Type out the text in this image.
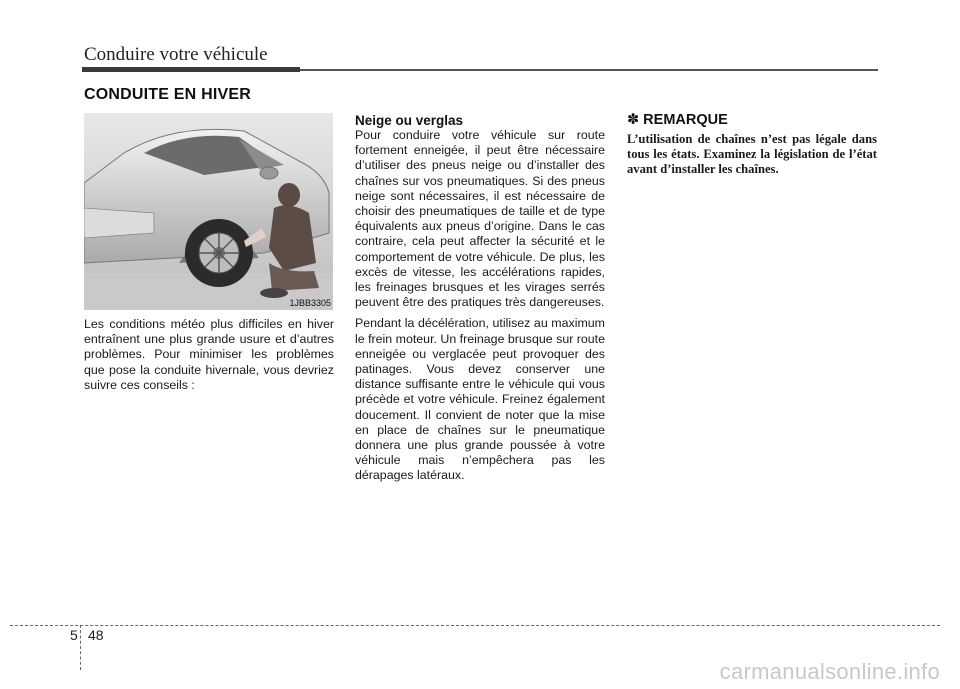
Conduire votre véhicule
CONDUITE EN HIVER
1JBB3305

Les conditions météo plus difficiles en hiver entraînent une plus grande usure et d’autres problèmes. Pour minimiser les problèmes que pose la conduite hivernale, vous devriez suivre ces conseils :

Neige ou verglas

Pour conduire votre véhicule sur route fortement enneigée, il peut être nécessaire d’utiliser des pneus neige ou d’installer des chaînes sur vos pneumatiques. Si des pneus neige sont nécessaires, il est nécessaire de choisir des pneumatiques de taille et de type équivalents aux pneus d’origine. Dans le cas contraire, cela peut affecter la sécurité et le comportement de votre véhicule. De plus, les excès de vitesse, les accélérations rapides, les freinages brusques et les virages serrés peuvent être des pratiques très dangereuses.

Pendant la décélération, utilisez au maximum le frein moteur. Un freinage brusque sur route enneigée ou verglacée peut provoquer des patinages. Vous devez conserver une distance suffisante entre le véhicule qui vous précède et votre véhicule. Freinez également doucement. Il convient de noter que la mise en place de chaînes sur le pneumatique donnera une plus grande poussée à votre véhicule mais n’empêchera pas les dérapages latéraux.

✽ REMARQUE

L’utilisation de chaînes n’est pas légale dans tous les états. Examinez la législation de l’état avant d’installer les chaînes.

5 48
carmanualsonline.info
